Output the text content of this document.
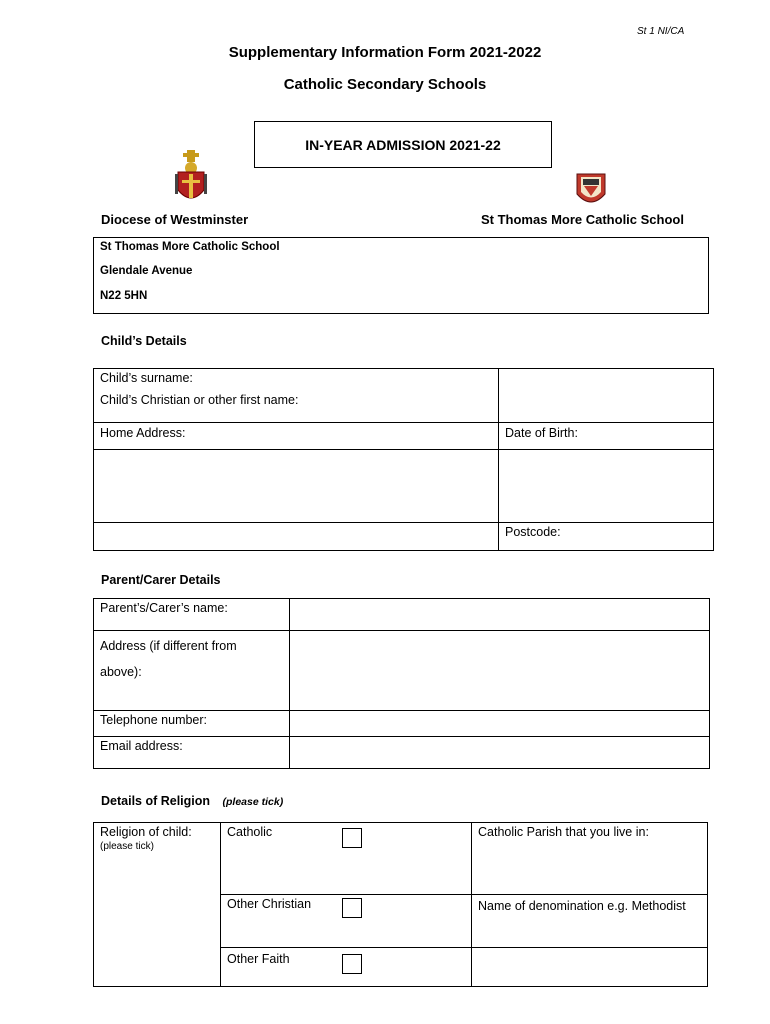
St 1 NI/CA
Supplementary Information Form 2021-2022
Catholic Secondary Schools
IN-YEAR ADMISSION 2021-22
Diocese of Westminster	St Thomas More Catholic School
St Thomas More Catholic School
Glendale Avenue
N22 5HN
Child’s Details
Child’s surname:
Child’s Christian or other first name:	

Home Address:	Date of Birth:

	Postcode:
Parent/Carer Details
Parent’s/Carer’s name:	

Address (if different from
above):	

Telephone number:	
Email address:	
Details of Religion (please tick)
Religion of child:
(please tick)	Catholic	Catholic Parish that you live in:
	Other Christian	Name of denomination e.g. Methodist
	Other Faith
